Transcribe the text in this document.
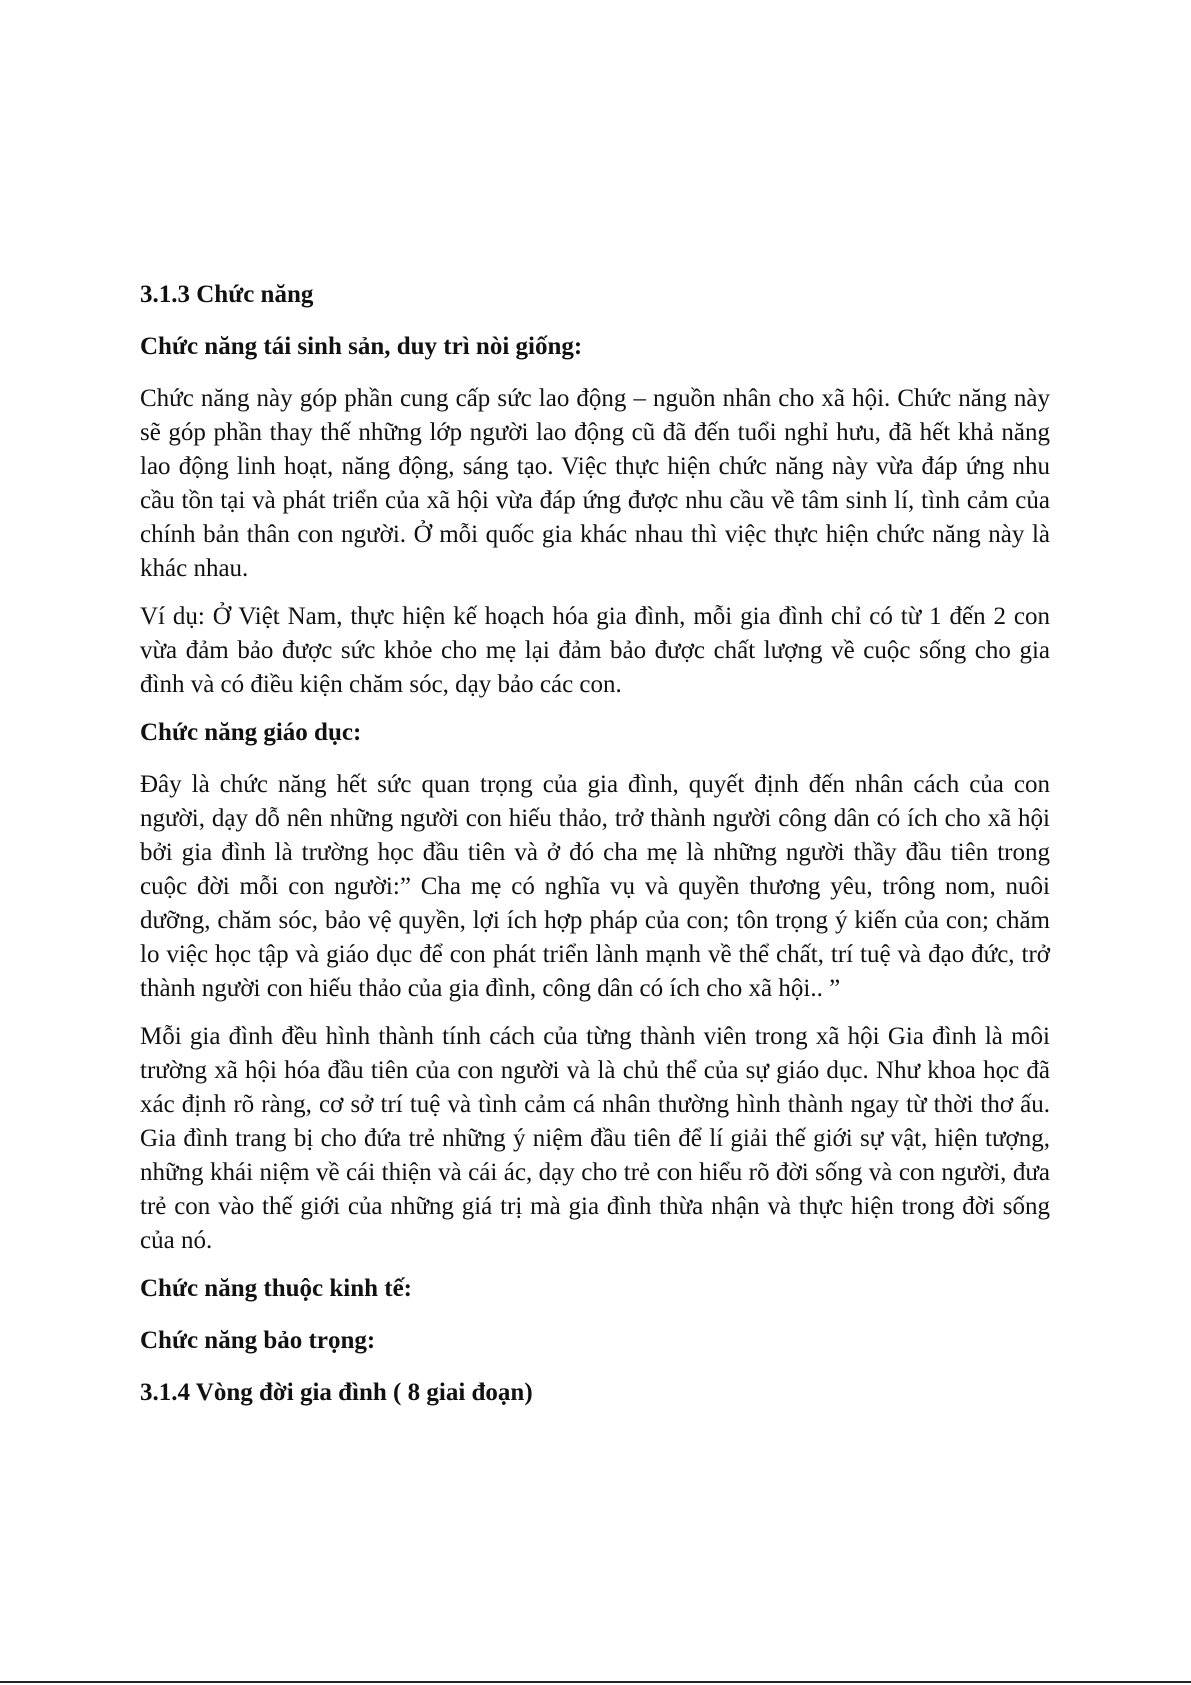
3.1.3 Chức năng
Chức năng tái sinh sản, duy trì nòi giống:

Chức năng này góp phần cung cấp sức lao động – nguồn nhân cho xã hội. Chức năng này sẽ góp phần thay thế những lớp người lao động cũ đã đến tuổi nghỉ hưu, đã hết khả năng lao động linh hoạt, năng động, sáng tạo. Việc thực hiện chức năng này vừa đáp ứng nhu cầu tồn tại và phát triển của xã hội vừa đáp ứng được nhu cầu về tâm sinh lí, tình cảm của chính bản thân con người. Ở mỗi quốc gia khác nhau thì việc thực hiện chức năng này là khác nhau.

Ví dụ: Ở Việt Nam, thực hiện kế hoạch hóa gia đình, mỗi gia đình chỉ có từ 1 đến 2 con vừa đảm bảo được sức khỏe cho mẹ lại đảm bảo được chất lượng về cuộc sống cho gia đình và có điều kiện chăm sóc, dạy bảo các con.

Chức năng giáo dục:

Đây là chức năng hết sức quan trọng của gia đình, quyết định đến nhân cách của con người, dạy dỗ nên những người con hiếu thảo, trở thành người công dân có ích cho xã hội bởi gia đình là trường học đầu tiên và ở đó cha mẹ là những người thầy đầu tiên trong cuộc đời mỗi con người:” Cha mẹ có nghĩa vụ và quyền thương yêu, trông nom, nuôi dưỡng, chăm sóc, bảo vệ quyền, lợi ích hợp pháp của con; tôn trọng ý kiến của con; chăm lo việc học tập và giáo dục để con phát triển lành mạnh về thể chất, trí tuệ và đạo đức, trở thành người con hiếu thảo của gia đình, công dân có ích cho xã hội.. ”

Mỗi gia đình đều hình thành tính cách của từng thành viên trong xã hội Gia đình là môi trường xã hội hóa đầu tiên của con người và là chủ thể của sự giáo dục. Như khoa học đã xác định rõ ràng, cơ sở trí tuệ và tình cảm cá nhân thường hình thành ngay từ thời thơ ấu. Gia đình trang bị cho đứa trẻ những ý niệm đầu tiên để lí giải thế giới sự vật, hiện tượng, những khái niệm về cái thiện và cái ác, dạy cho trẻ con hiểu rõ đời sống và con người, đưa trẻ con vào thế giới của những giá trị mà gia đình thừa nhận và thực hiện trong đời sống của nó.

Chức năng thuộc kinh tế:
Chức năng bảo trọng:
3.1.4 Vòng đời gia đình ( 8 giai đoạn)
